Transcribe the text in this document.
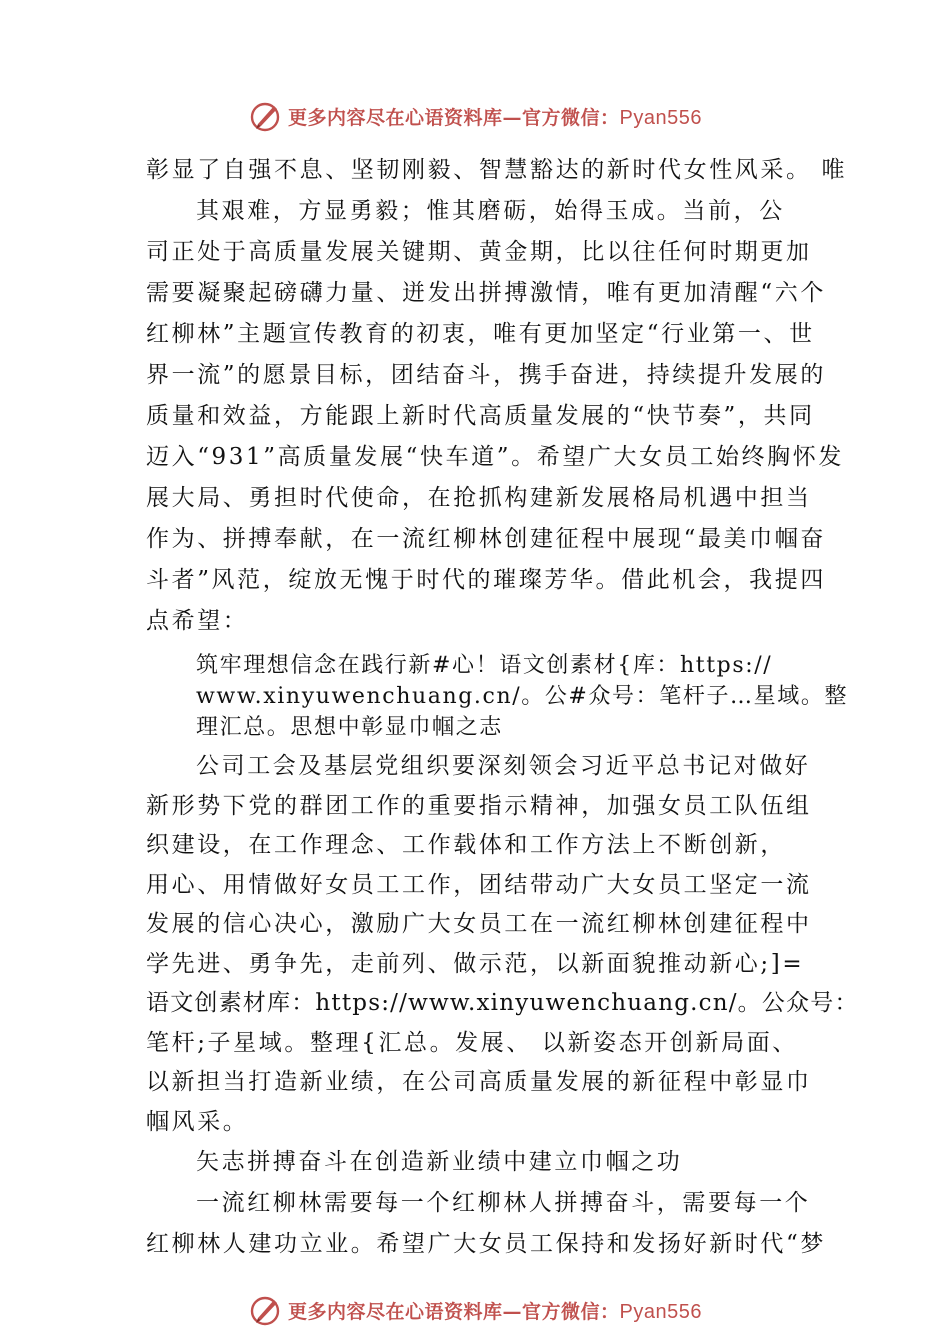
更多内容尽在心语资料库—官方微信：Pyan556

彰显了自强不息、坚韧刚毅、智慧豁达的新时代女性风采。 唯

其艰难，方显勇毅；惟其磨砺，始得玉成。当前，公

司正处于高质量发展关键期、黄金期，比以往任何时期更加

需要凝聚起磅礴力量、迸发出拼搏激情，唯有更加清醒“六个

红柳林”主题宣传教育的初衷，唯有更加坚定“行业第一、世

界一流”的愿景目标，团结奋斗，携手奋进，持续提升发展的

质量和效益，方能跟上新时代高质量发展的“快节奏”，共同

迈入“931”高质量发展“快车道”。希望广大女员工始终胸怀发

展大局、勇担时代使命，在抢抓构建新发展格局机遇中担当

作为、拼搏奉献，在一流红柳林创建征程中展现“最美巾帼奋

斗者”风范，绽放无愧于时代的璀璨芳华。借此机会，我提四

点希望：

筑牢理想信念在践行新#心！语文创素材{库：https://

www.xinyuwenchuang.cn/。公#众号：笔杆子…星域。整

理汇总。思想中彰显巾帼之志

公司工会及基层党组织要深刻领会习近平总书记对做好

新形势下党的群团工作的重要指示精神，加强女员工队伍组

织建设，在工作理念、工作载体和工作方法上不断创新，

用心、用情做好女员工工作，团结带动广大女员工坚定一流

发展的信心决心，激励广大女员工在一流红柳林创建征程中

学先进、勇争先，走前列、做示范，以新面貌推动新心;]=

语文创素材库：https://www.xinyuwenchuang.cn/。公众号：

笔杆;子星域。整理{汇总。发展、 以新姿态开创新局面、

以新担当打造新业绩，在公司高质量发展的新征程中彰显巾

帼风采。

矢志拼搏奋斗在创造新业绩中建立巾帼之功

一流红柳林需要每一个红柳林人拼搏奋斗，需要每一个

红柳林人建功立业。希望广大女员工保持和发扬好新时代“梦

更多内容尽在心语资料库—官方微信：Pyan556
